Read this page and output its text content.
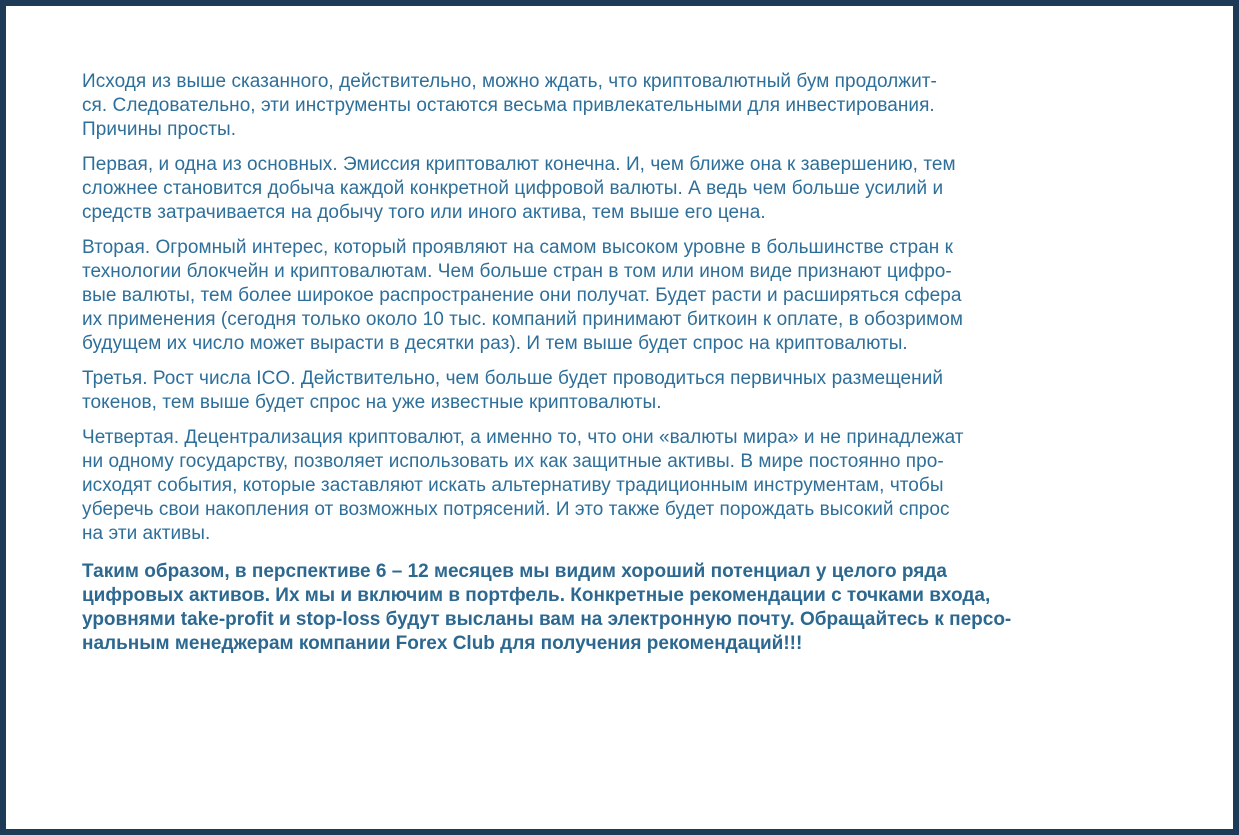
Исходя из выше сказанного, действительно, можно ждать, что криптовалютный бум продолжит-
ся. Следовательно, эти инструменты остаются весьма привлекательными для инвестирования.
Причины просты.

Первая, и одна из основных. Эмиссия криптовалют конечна. И, чем ближе она к завершению, тем
сложнее становится добыча каждой конкретной цифровой валюты. А ведь чем больше усилий и
средств затрачивается на добычу того или иного актива, тем выше его цена.

Вторая. Огромный интерес, который проявляют на самом высоком уровне в большинстве стран к
технологии блокчейн и криптовалютам. Чем больше стран в том или ином виде признают цифро-
вые валюты, тем более широкое распространение они получат. Будет расти и расширяться сфера
их применения (сегодня только около 10 тыс. компаний принимают биткоин к оплате, в обозримом
будущем их число может вырасти в десятки раз). И тем выше будет спрос на криптовалюты.

Третья. Рост числа ICO. Действительно, чем больше будет проводиться первичных размещений
токенов, тем выше будет спрос на уже известные криптовалюты.

Четвертая. Децентрализация криптовалют, а именно то, что они «валюты мира» и не принадлежат
ни одному государству, позволяет использовать их как защитные активы. В мире постоянно про-
исходят события, которые заставляют искать альтернативу традиционным инструментам, чтобы
уберечь свои накопления от возможных потрясений. И это также будет порождать высокий спрос
на эти активы.

Таким образом, в перспективе 6 – 12 месяцев мы видим хороший потенциал у целого ряда
цифровых активов. Их мы и включим в портфель. Конкретные рекомендации с точками входа,
уровнями take-profit и stop-loss будут высланы вам на электронную почту. Обращайтесь к персо-
нальным менеджерам компании Forex Club для получения рекомендаций!!!
